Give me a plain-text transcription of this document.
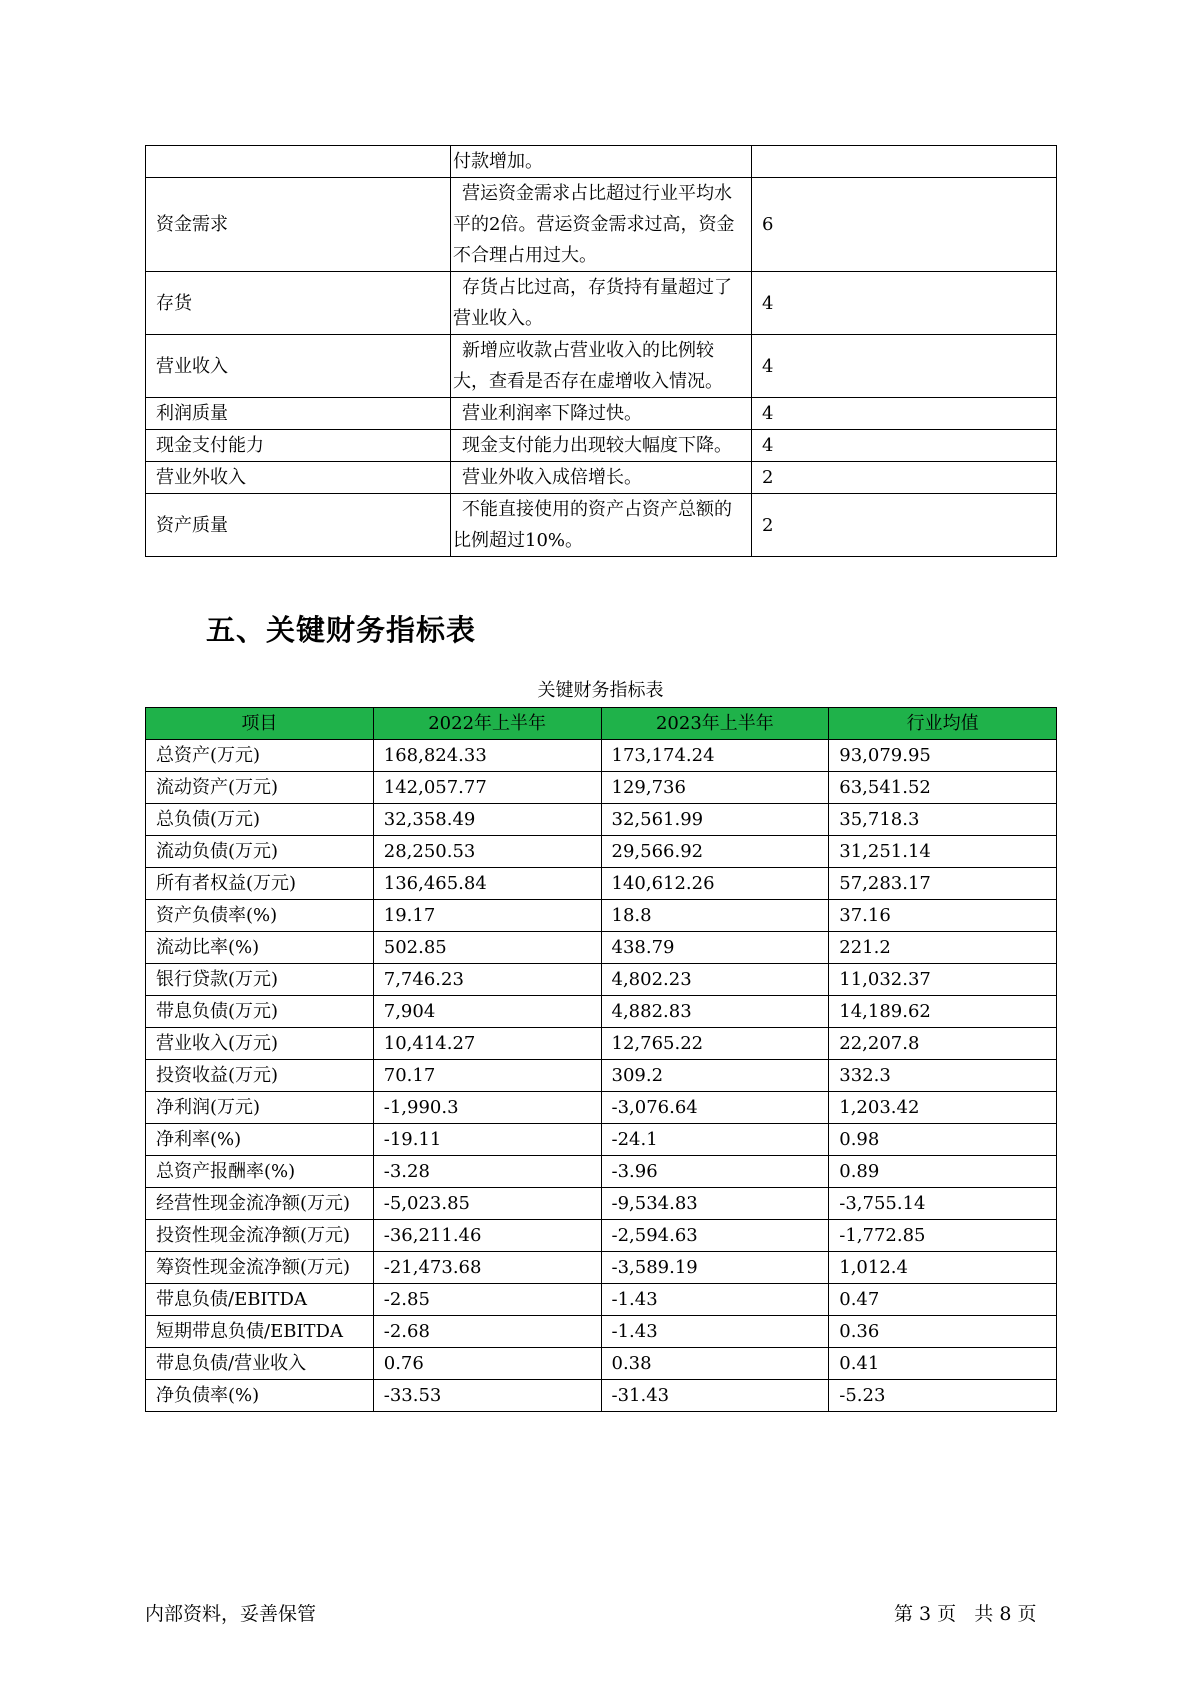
	付款增加。	
资金需求	营运资金需求占比超过行业平均水平的2倍。营运资金需求过高，资金不合理占用过大。	6
存货	存货占比过高，存货持有量超过了营业收入。	4
营业收入	新增应收款占营业收入的比例较大，查看是否存在虚增收入情况。	4
利润质量	营业利润率下降过快。	4
现金支付能力	现金支付能力出现较大幅度下降。	4
营业外收入	营业外收入成倍增长。	2
资产质量	不能直接使用的资产占资产总额的比例超过10%。	2
五、关键财务指标表
关键财务指标表
项目	2022年上半年	2023年上半年	行业均值
总资产(万元)	168,824.33	173,174.24	93,079.95
流动资产(万元)	142,057.77	129,736	63,541.52
总负债(万元)	32,358.49	32,561.99	35,718.3
流动负债(万元)	28,250.53	29,566.92	31,251.14
所有者权益(万元)	136,465.84	140,612.26	57,283.17
资产负债率(%)	19.17	18.8	37.16
流动比率(%)	502.85	438.79	221.2
银行贷款(万元)	7,746.23	4,802.23	11,032.37
带息负债(万元)	7,904	4,882.83	14,189.62
营业收入(万元)	10,414.27	12,765.22	22,207.8
投资收益(万元)	70.17	309.2	332.3
净利润(万元)	-1,990.3	-3,076.64	1,203.42
净利率(%)	-19.11	-24.1	0.98
总资产报酬率(%)	-3.28	-3.96	0.89
经营性现金流净额(万元)	-5,023.85	-9,534.83	-3,755.14
投资性现金流净额(万元)	-36,211.46	-2,594.63	-1,772.85
筹资性现金流净额(万元)	-21,473.68	-3,589.19	1,012.4
带息负债/EBITDA	-2.85	-1.43	0.47
短期带息负债/EBITDA	-2.68	-1.43	0.36
带息负债/营业收入	0.76	0.38	0.41
净负债率(%)	-33.53	-31.43	-5.23
内部资料，妥善保管	第 3 页   共 8 页
